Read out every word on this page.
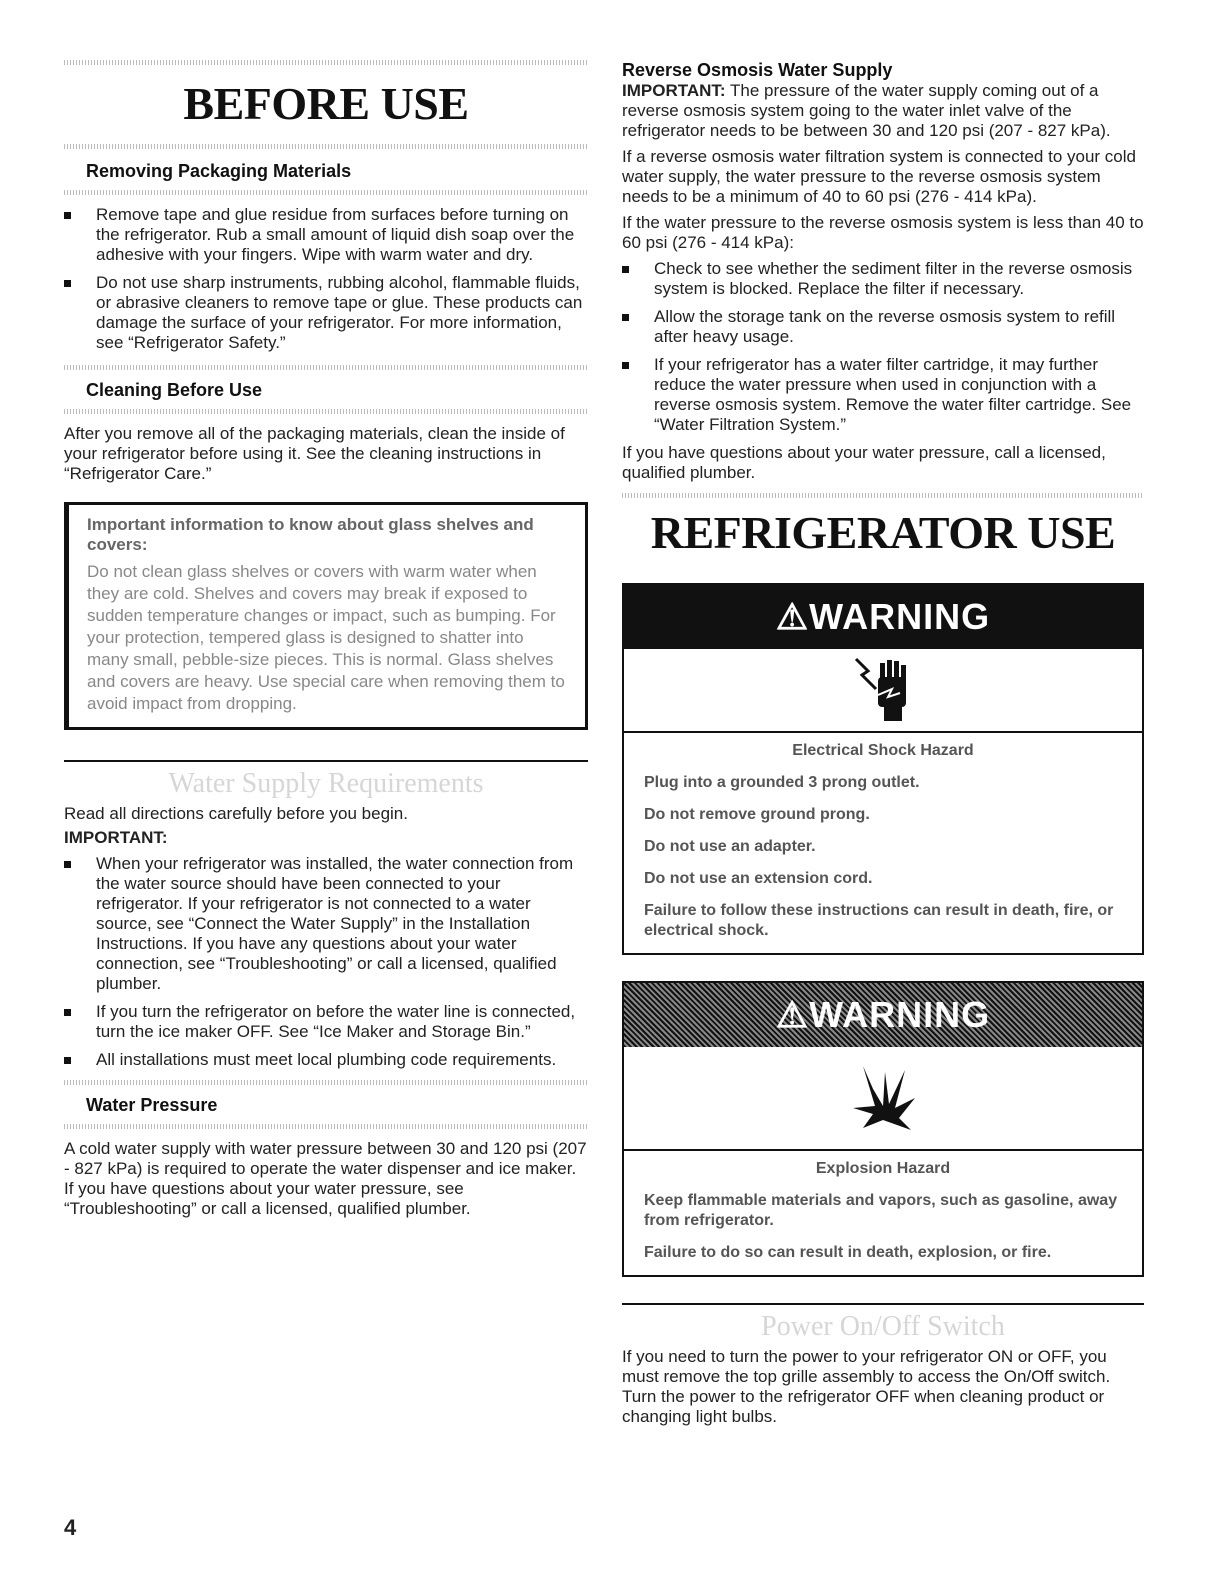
BEFORE USE
Removing Packaging Materials
Remove tape and glue residue from surfaces before turning on the refrigerator. Rub a small amount of liquid dish soap over the adhesive with your fingers. Wipe with warm water and dry.
Do not use sharp instruments, rubbing alcohol, flammable fluids, or abrasive cleaners to remove tape or glue. These products can damage the surface of your refrigerator. For more information, see “Refrigerator Safety.”
Cleaning Before Use

After you remove all of the packaging materials, clean the inside of your refrigerator before using it. See the cleaning instructions in “Refrigerator Care.”

Important information to know about glass shelves and covers:

Do not clean glass shelves or covers with warm water when they are cold. Shelves and covers may break if exposed to sudden temperature changes or impact, such as bumping. For your protection, tempered glass is designed to shatter into many small, pebble-size pieces. This is normal. Glass shelves and covers are heavy. Use special care when removing them to avoid impact from dropping.

Water Supply Requirements

Read all directions carefully before you begin.

IMPORTANT:

When your refrigerator was installed, the water connection from the water source should have been connected to your refrigerator. If your refrigerator is not connected to a water source, see “Connect the Water Supply” in the Installation Instructions. If you have any questions about your water connection, see “Troubleshooting” or call a licensed, qualified plumber.
If you turn the refrigerator on before the water line is connected, turn the ice maker OFF. See “Ice Maker and Storage Bin.”
All installations must meet local plumbing code requirements.
Water Pressure

A cold water supply with water pressure between 30 and 120 psi (207 - 827 kPa) is required to operate the water dispenser and ice maker. If you have questions about your water pressure, see “Troubleshooting” or call a licensed, qualified plumber.

Reverse Osmosis Water Supply

IMPORTANT: The pressure of the water supply coming out of a reverse osmosis system going to the water inlet valve of the refrigerator needs to be between 30 and 120 psi (207 - 827 kPa).

If a reverse osmosis water filtration system is connected to your cold water supply, the water pressure to the reverse osmosis system needs to be a minimum of 40 to 60 psi (276 - 414 kPa).

If the water pressure to the reverse osmosis system is less than 40 to 60 psi (276 - 414 kPa):

Check to see whether the sediment filter in the reverse osmosis system is blocked. Replace the filter if necessary.
Allow the storage tank on the reverse osmosis system to refill after heavy usage.
If your refrigerator has a water filter cartridge, it may further reduce the water pressure when used in conjunction with a reverse osmosis system. Remove the water filter cartridge. See “Water Filtration System.”

If you have questions about your water pressure, call a licensed, qualified plumber.

REFRIGERATOR USE
⚠WARNING
Electrical Shock Hazard
Plug into a grounded 3 prong outlet.
Do not remove ground prong.
Do not use an adapter.
Do not use an extension cord.
Failure to follow these instructions can result in death, fire, or electrical shock.
⚠WARNING
Explosion Hazard
Keep flammable materials and vapors, such as gasoline, away from refrigerator.
Failure to do so can result in death, explosion, or fire.
Power On/Off Switch

If you need to turn the power to your refrigerator ON or OFF, you must remove the top grille assembly to access the On/Off switch. Turn the power to the refrigerator OFF when cleaning product or changing light bulbs.

4
